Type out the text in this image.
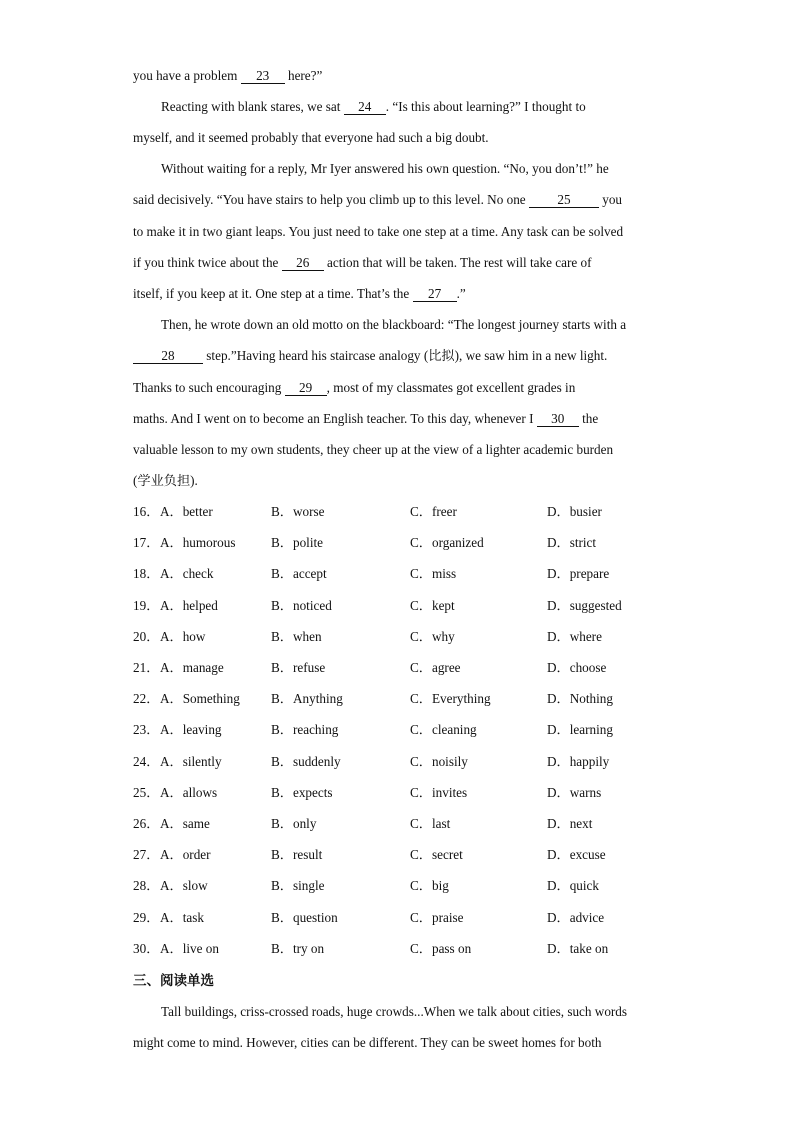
you have a problem 23 here?”
Reacting with blank stares, we sat 24 . “Is this about learning?” I thought to
myself, and it seemed probably that everyone had such a big doubt.
Without waiting for a reply, Mr Iyer answered his own question. “No, you don’t!” he
said decisively. “You have stairs to help you climb up to this level. No one 25 you
to make it in two giant leaps. You just need to take one step at a time. Any task can be solved
if you think twice about the 26 action that will be taken. The rest will take care of
itself, if you keep at it. One step at a time. That’s the 27 .”
Then, he wrote down an old motto on the blackboard: “The longest journey starts with a
28 step.”Having heard his staircase analogy (比拟), we saw him in a new light.
Thanks to such encouraging 29 , most of my classmates got excellent grades in
maths. And I went on to become an English teacher. To this day, whenever I 30 the
valuable lesson to my own students, they cheer up at the view of a lighter academic burden
(学业负担).
16． A．better	B．worse	C．freer	D．busier
17． A．humorous	B．polite	C．organized	D．strict
18． A．check	B．accept	C．miss	D．prepare
19． A．helped	B．noticed	C．kept	D．suggested
20． A．how	B．when	C．why	D．where
21． A．manage	B．refuse	C．agree	D．choose
22． A．Something B．Anything	C．Everything	D．Nothing
23． A．leaving	B．reaching	C．cleaning	D．learning
24． A．silently	B．suddenly	C．noisily	D．happily
25． A．allows	B．expects	C．invites	D．warns
26． A．same	B．only	C．last	D．next
27． A．order	B．result	C．secret	D．excuse
28． A．slow	B．single	C．big	D．quick
29． A．task	B．question	C．praise	D．advice
30． A．live on	B．try on	C．pass on	D．take on
三、阅读单选
Tall buildings, criss-crossed roads, huge crowds...When we talk about cities, such words
might come to mind. However, cities can be different. They can be sweet homes for both
